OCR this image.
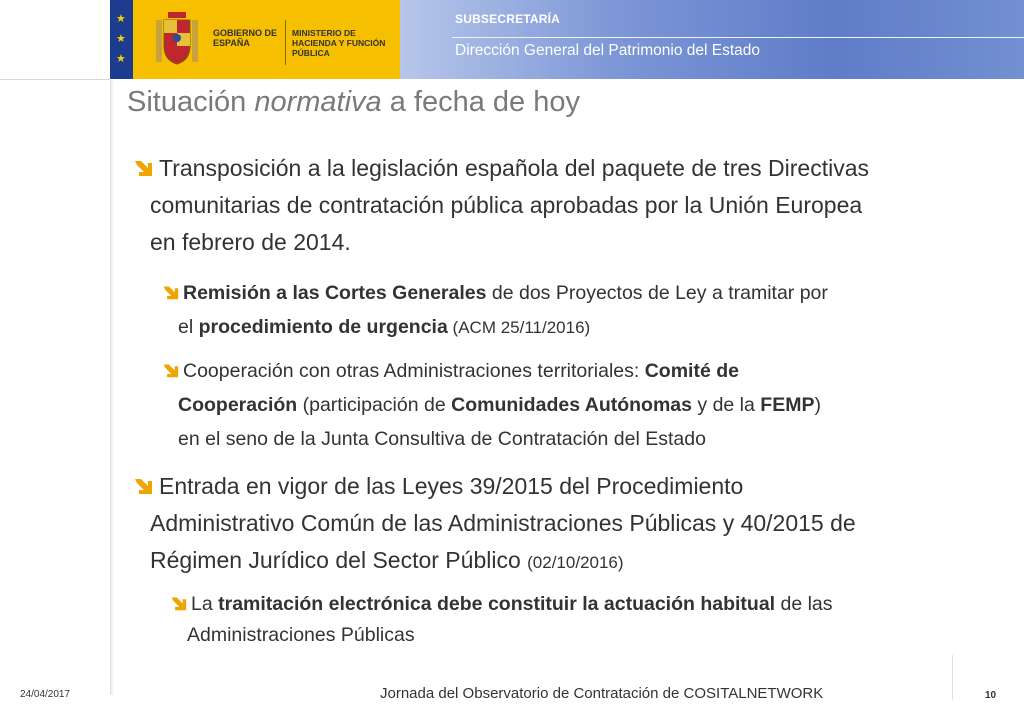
★
★
★
GOBIERNO DE ESPAÑA
MINISTERIO DE HACIENDA Y FUNCIÓN PÚBLICA
SUBSECRETARÍA
Dirección General del Patrimonio del Estado
Situación normativa a fecha de hoy
Transposición a la legislación española del paquete de tres Directivas
comunitarias de contratación pública aprobadas por la Unión Europea
en febrero de 2014.
Remisión a las Cortes Generales de dos Proyectos de Ley a tramitar por
el procedimiento de urgencia (ACM 25/11/2016)
Cooperación con otras Administraciones territoriales: Comité de
Cooperación (participación de Comunidades Autónomas y de la FEMP)
en el seno de la Junta Consultiva de Contratación del Estado
Entrada en vigor de las Leyes 39/2015 del Procedimiento
Administrativo Común de las Administraciones Públicas y 40/2015 de
Régimen Jurídico del Sector Público (02/10/2016)
La tramitación electrónica debe constituir la actuación habitual de las
Administraciones Públicas
24/04/2017	Jornada del Observatorio de Contratación de COSITALNETWORK	10
